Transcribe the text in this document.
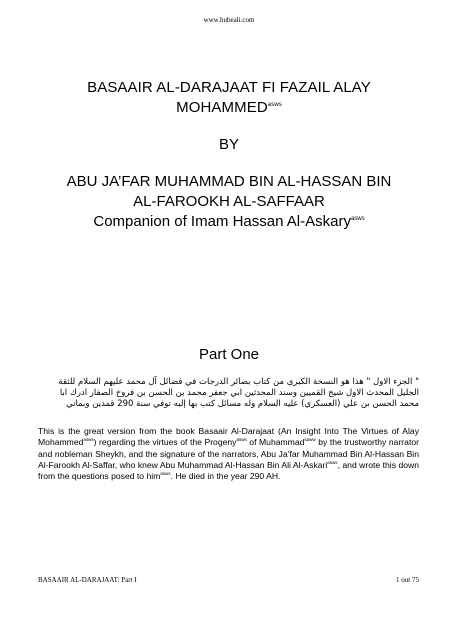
www.hubeali.com
BASAAIR AL-DARAJAAT FI FAZAIL ALAY
$MOHAMMED^{asws}$
BY
ABU JA’FAR MUHAMMAD BIN AL-HASSAN BIN
AL-FAROOKH AL-SAFFAAR
Companion of Imam Hassan Al-Askary$^{asws}$
Part One
" الجزء الاول " هذا هو النسخة الكبرى من كتاب بصائر الدرجات في فضائل آل محمد عليهم السلام للثقة الجليل المحدث الاول شيخ القميين وسند المحدثين ابي جعفر محمد بن الحسن بن فروخ الصفار ادرك ابا محمد الحسن بن علي (العسكري) عليه السلام وله مسائل كتب بها إليه توفي سنة 290 قمدين وبماني
This is the great version from the book Basaair Al-Darajaat (An Insight Into The Virtues of Alay Mohammed$^{asws}$) regarding the virtues of the Progeny$^{asws}$ of Muhammad$^{saww}$ by the trustworthy narrator and nobleman Sheykh, and the signature of the narrators, Abu Ja’far Muhammad Bin Al-Hassan Bin Al-Farookh Al-Saffar, who knew Abu Muhammad Al-Hassan Bin Ali Al-Askari$^{asws}$, and wrote this down from the questions posed to him$^{asws}$. He died in the year 290 AH.
BASAAIR AL-DARAJAAT: Part I	1 out 75
